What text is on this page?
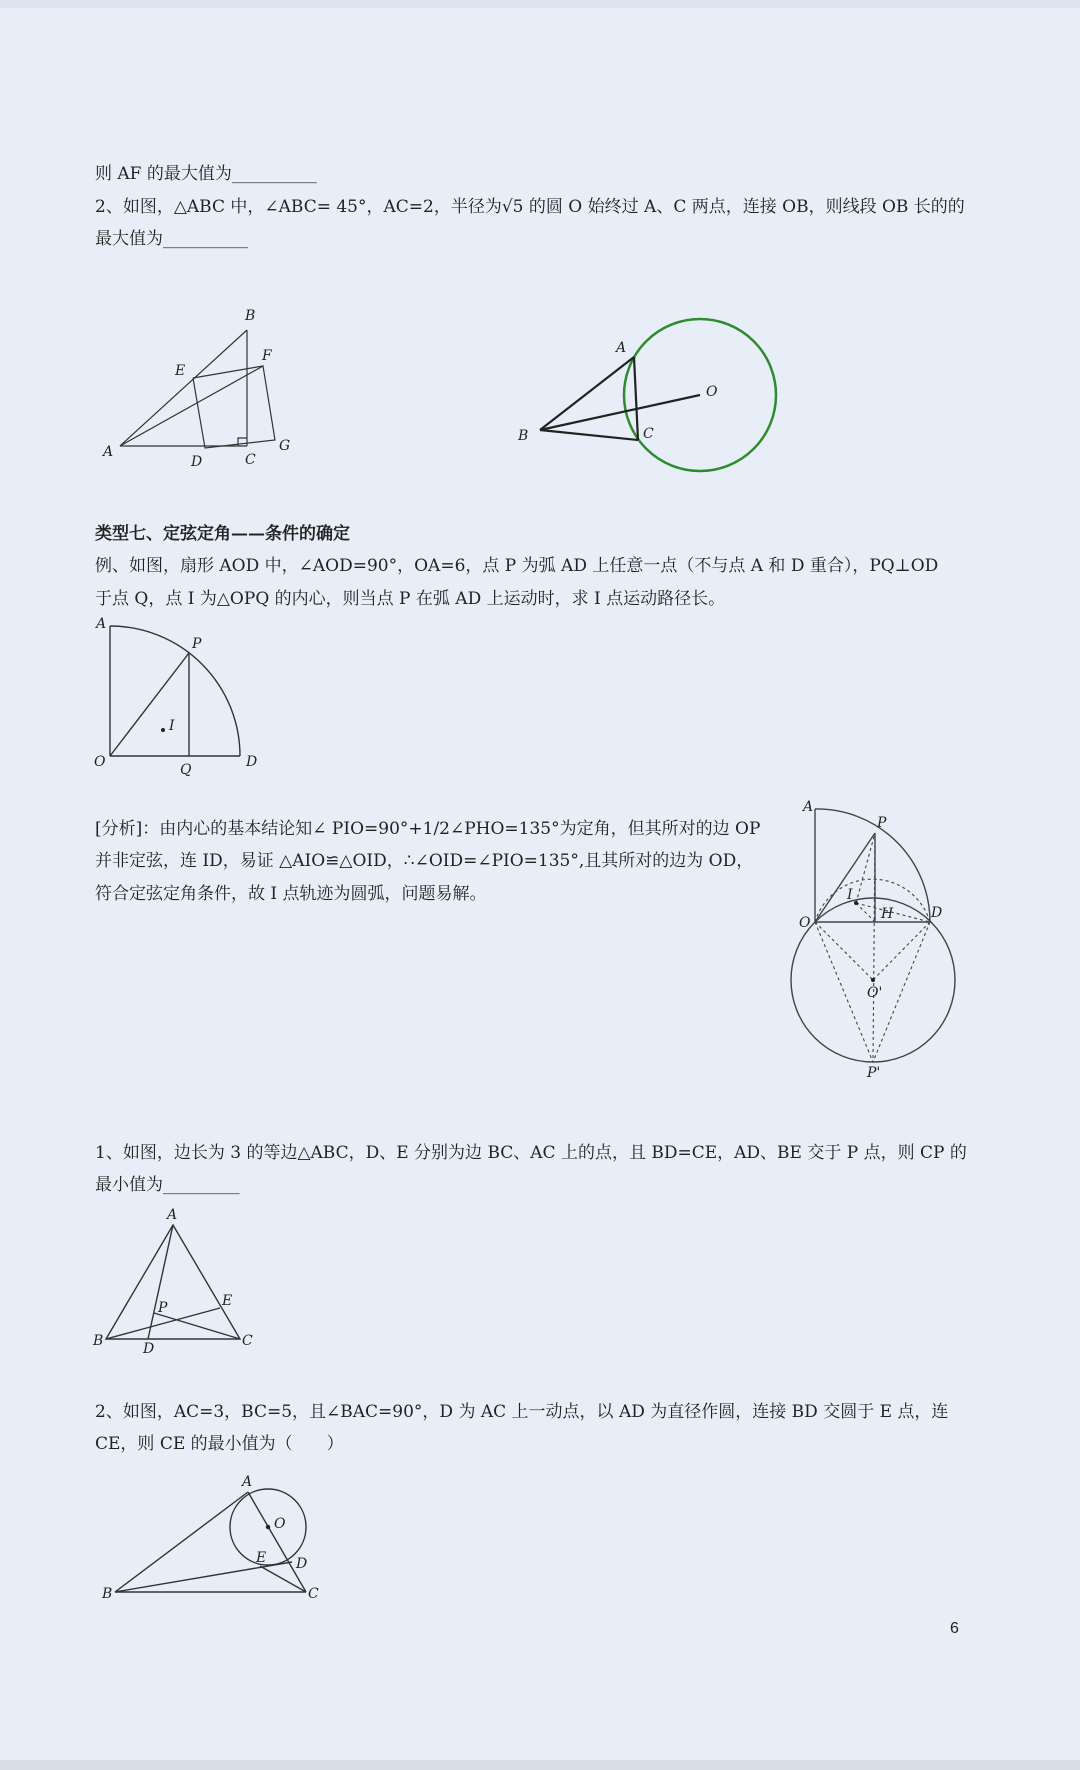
则 AF 的最大值为__________
2、如图，△ABC 中，∠ABC= 45°，AC=2，半径为√5 的圆 O 始终过 A、C 两点，连接 OB，则线段 OB 长的的
最大值为__________
B
E
F
A
D	C
G
A
O
B	C
类型七、定弦定角——条件的确定
例、如图，扇形 AOD 中，∠AOD=90°，OA=6，点 P 为弧 AD 上任意一点（不与点 A 和 D 重合），PQ⊥OD
于点 Q，点 I 为△OPQ 的内心，则当点 P 在弧 AD 上运动时，求 I 点运动路径长。
A
P
I
O	Q	D
[分析]：由内心的基本结论知∠ PIO=90°+1/2∠PHO=135°为定角，但其所对的边 OP
并非定弦，连 ID，易证 △AIO≌△OID，∴∠OID=∠PIO=135°,且其所对的边为 OD，
符合定弦定角条件，故 I 点轨迹为圆弧，问题易解。
A
P
I
O
H	D
O'
P'
1、如图，边长为 3 的等边△ABC，D、E 分别为边 BC、AC 上的点，且 BD=CE，AD、BE 交于 P 点，则 CP 的
最小值为_________
A
E
P
B	D	C
2、如图，AC=3，BC=5，且∠BAC=90°，D 为 AC 上一动点，以 AD 为直径作圆，连接 BD 交圆于 E 点，连
CE，则 CE 的最小值为（　　）
A
O
E D
B	C
6
